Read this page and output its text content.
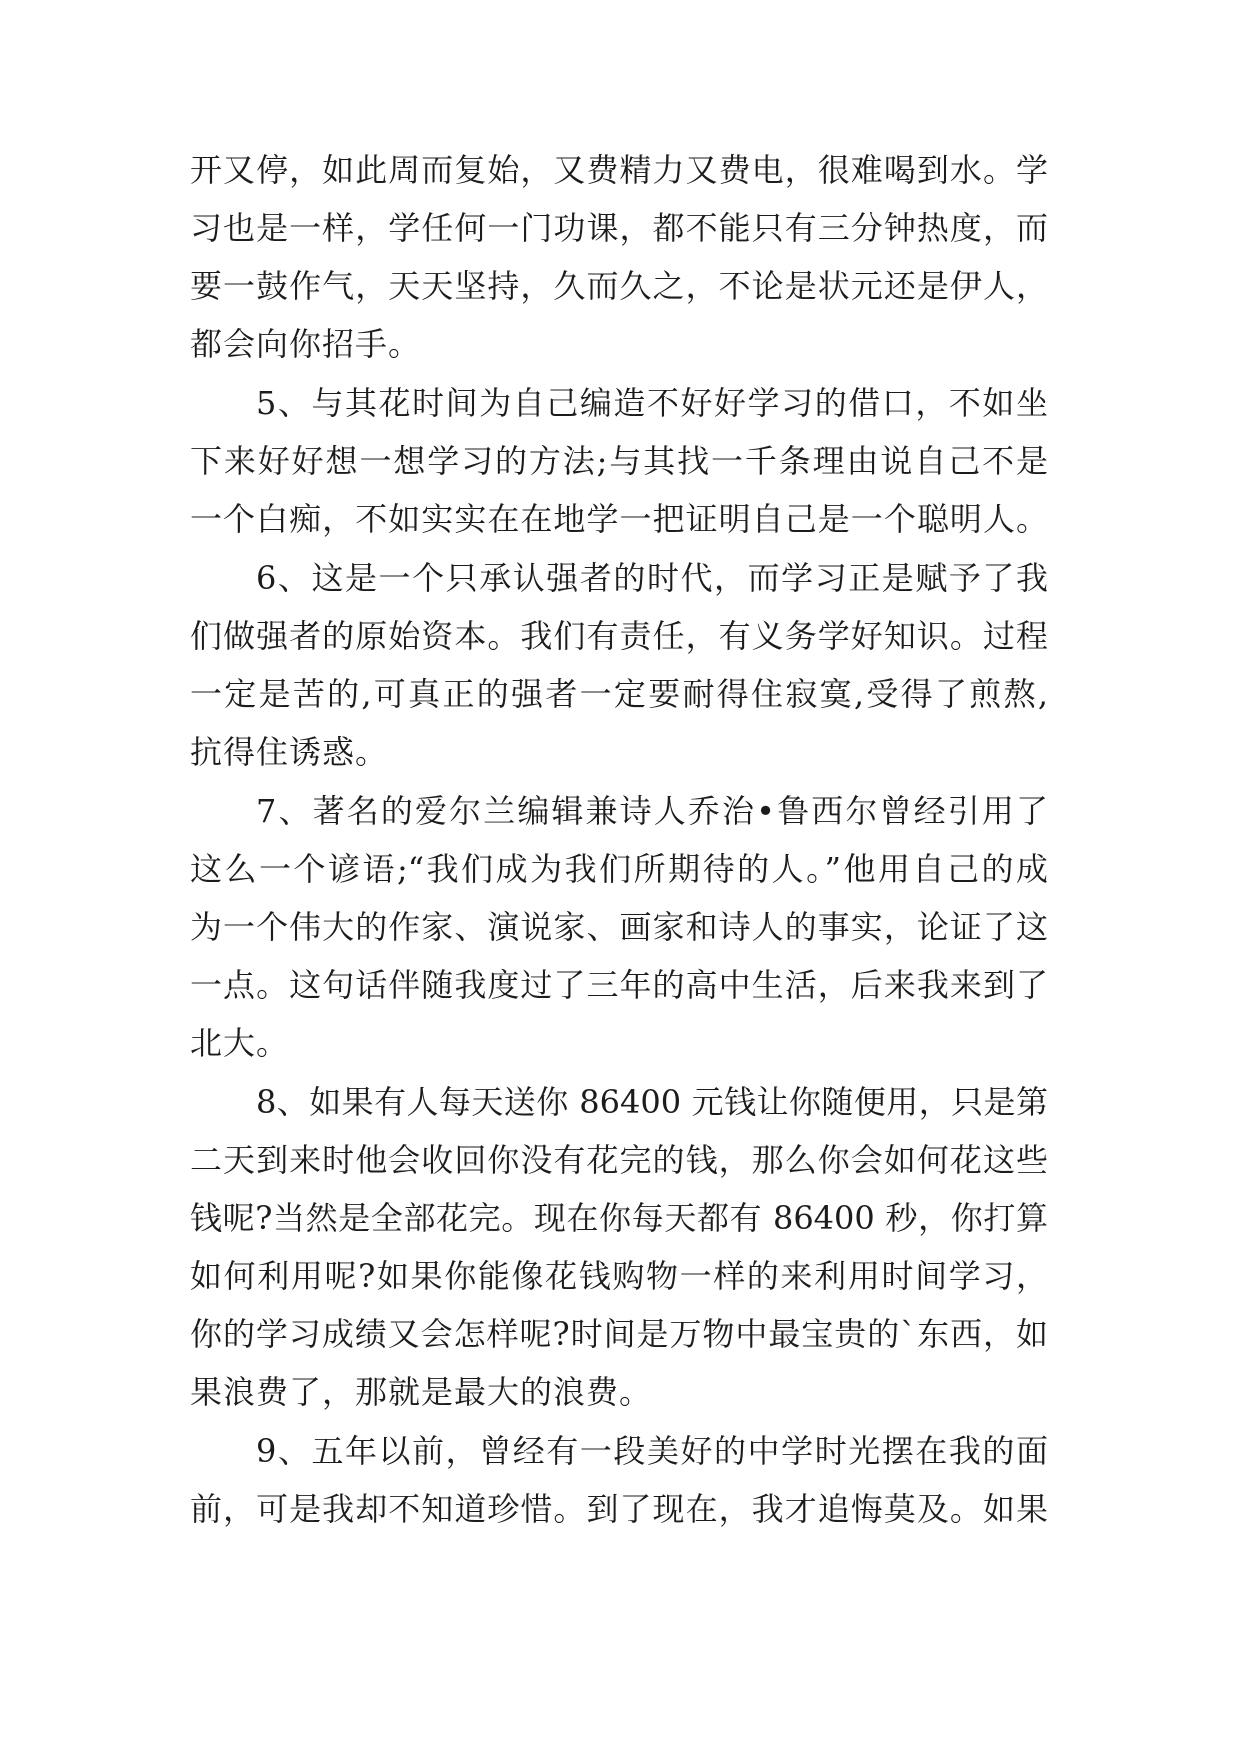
开又停，如此周而复始，又费精力又费电，很难喝到水。学

习也是一样，学任何一门功课，都不能只有三分钟热度，而

要一鼓作气，天天坚持，久而久之，不论是状元还是伊人，

都会向你招手。

5、与其花时间为自己编造不好好学习的借口，不如坐

下来好好想一想学习的方法;与其找一千条理由说自己不是

一个白痴，不如实实在在地学一把证明自己是一个聪明人。

6、这是一个只承认强者的时代，而学习正是赋予了我

们做强者的原始资本。我们有责任，有义务学好知识。过程

一定是苦的,可真正的强者一定要耐得住寂寞,受得了煎熬,

抗得住诱惑。

7、著名的爱尔兰编辑兼诗人乔治•鲁西尔曾经引用了

这么一个谚语;“我们成为我们所期待的人。”他用自己的成

为一个伟大的作家、演说家、画家和诗人的事实，论证了这

一点。这句话伴随我度过了三年的高中生活，后来我来到了

北大。

8、如果有人每天送你 86400 元钱让你随便用，只是第

二天到来时他会收回你没有花完的钱，那么你会如何花这些

钱呢?当然是全部花完。现在你每天都有 86400 秒，你打算

如何利用呢?如果你能像花钱购物一样的来利用时间学习，

你的学习成绩又会怎样呢?时间是万物中最宝贵的`东西，如

果浪费了，那就是最大的浪费。

9、五年以前，曾经有一段美好的中学时光摆在我的面

前，可是我却不知道珍惜。到了现在，我才追悔莫及。如果
